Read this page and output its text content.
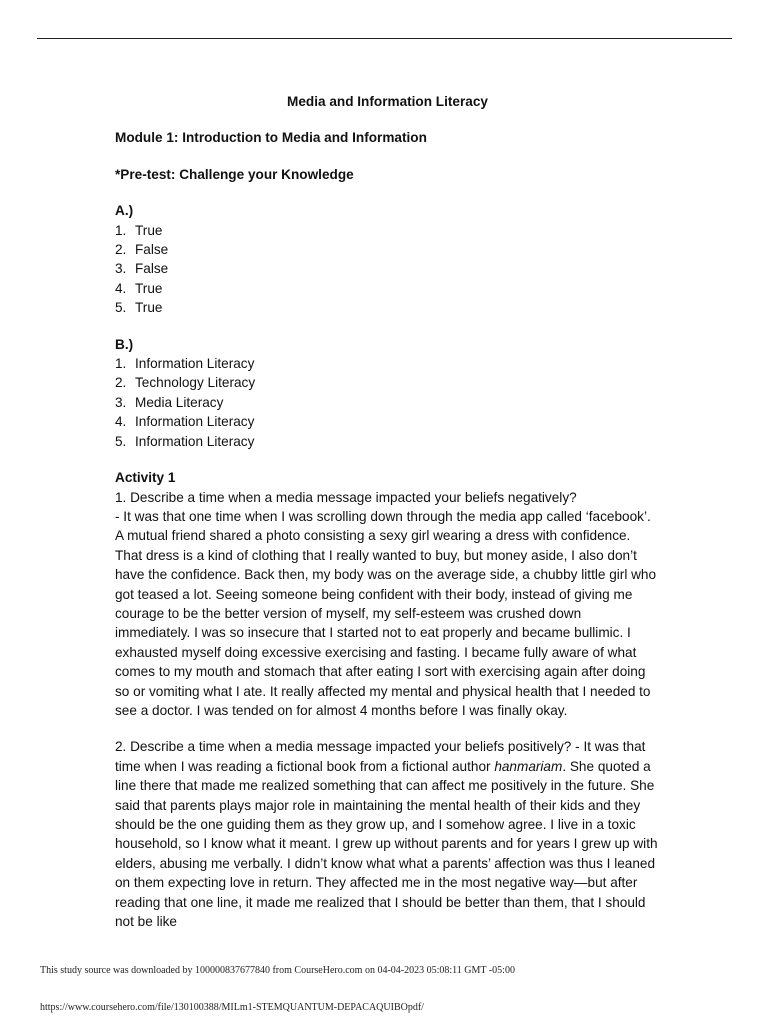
Media and Information Literacy

Module 1: Introduction to Media and Information

*Pre-test: Challenge your Knowledge

A.)

1. True
2. False
3. False
4. True
5. True

B.)

1. Information Literacy
2. Technology Literacy
3. Media Literacy
4. Information Literacy
5. Information Literacy

Activity 1

1. Describe a time when a media message impacted your beliefs negatively?

- It was that one time when I was scrolling down through the media app called ‘facebook’. A mutual friend shared a photo consisting a sexy girl wearing a dress with confidence. That dress is a kind of clothing that I really wanted to buy, but money aside, I also don’t have the confidence. Back then, my body was on the average side, a chubby little girl who got teased a lot. Seeing someone being confident with their body, instead of giving me courage to be the better version of myself, my self-esteem was crushed down immediately. I was so insecure that I started not to eat properly and became bullimic. I exhausted myself doing excessive exercising and fasting. I became fully aware of what comes to my mouth and stomach that after eating I sort with exercising again after doing so or vomiting what I ate. It really affected my mental and physical health that I needed to see a doctor. I was tended on for almost 4 months before I was finally okay.

2. Describe a time when a media message impacted your beliefs positively? - It was that time when I was reading a fictional book from a fictional author hanmariam. She quoted a line there that made me realized something that can affect me positively in the future. She said that parents plays major role in maintaining the mental health of their kids and they should be the one guiding them as they grow up, and I somehow agree. I live in a toxic household, so I know what it meant. I grew up without parents and for years I grew up with elders, abusing me verbally. I didn’t know what what a parents’ affection was thus I leaned on them expecting love in return. They affected me in the most negative way—but after reading that one line, it made me realized that I should be better than them, that I should not be like

This study source was downloaded by 100000837677840 from CourseHero.com on 04-04-2023 05:08:11 GMT -05:00
https://www.coursehero.com/file/130100388/MILm1-STEMQUANTUM-DEPACAQUIBOpdf/
